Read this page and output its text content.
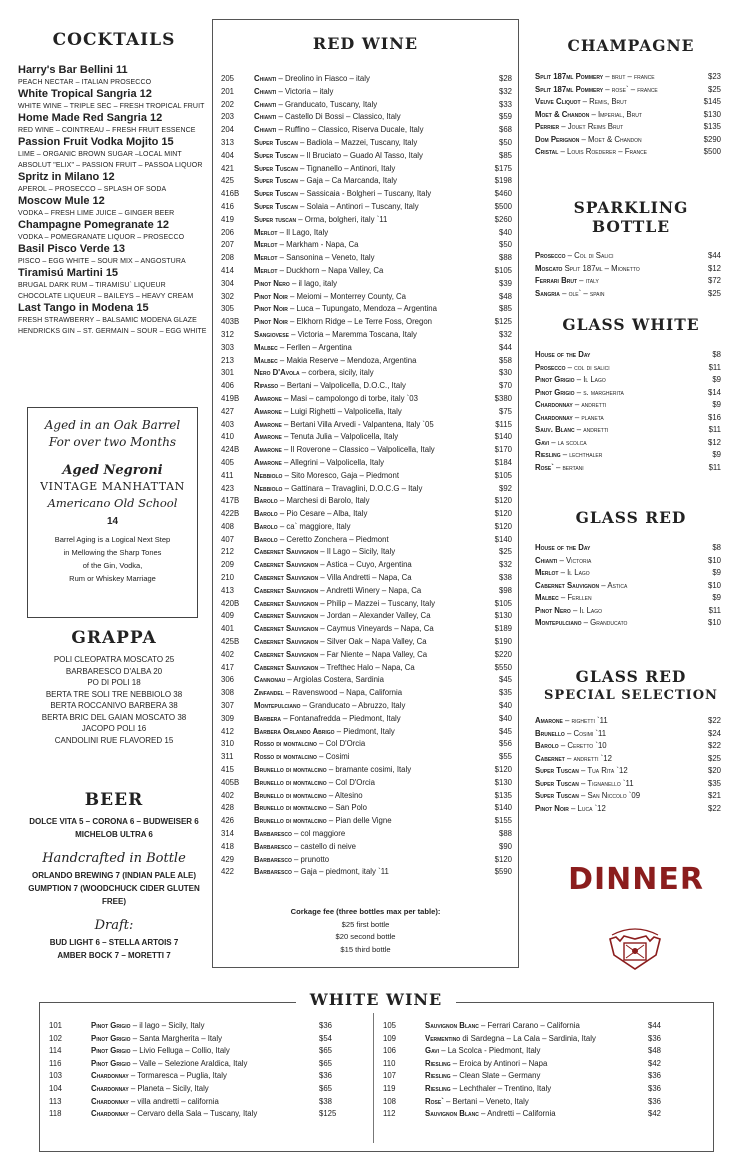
COCKTAILS
Harry's Bar Bellini 11
PEACH NECTAR – ITALIAN PROSECCO
White Tropical Sangria 12
WHITE WINE – TRIPLE SEC – FRESH TROPICAL FRUIT
Home Made Red Sangria 12
RED WINE – COINTREAU – FRESH FRUIT ESSENCE
Passion Fruit Vodka Mojito 15
LIME – ORGANIC BROWN SUGAR –LOCAL MINT
ABSOLUT "ELIX" – PASSION FRUIT – PASSOA LIQUOR
Spritz in Milano 12
APEROL – PROSECCO – SPLASH OF SODA
Moscow Mule 12
VODKA – FRESH LIME JUICE – GINGER BEER
Champagne Pomegranate 12
VODKA – POMEGRANATE LIQUOR – PROSECCO
Basil Pisco Verde 13
PISCO – EGG WHITE – SOUR MIX – ANGOSTURA
Tiramisú Martini 15
BRUGAL DARK RUM – TIRAMISU` LIQUEUR
CHOCOLATE LIQUEUR – BAILEYS – HEAVY CREAM
Last Tango in Modena 15
FRESH STRAWBERRY – BALSAMIC MODENA GLAZE
HENDRICKS GIN – ST. GERMAIN – SOUR – EGG WHITE
Aged in an Oak Barrel
For over two Months
Aged Negroni
VINTAGE MANHATTAN
Americano Old School
14
Barrel Aging is a Logical Next Step
in Mellowing the Sharp Tones
of the Gin, Vodka,
Rum or Whiskey Marriage
GRAPPA
POLI CLEOPATRA MOSCATO 25
BARBARESCO D'ALBA 20
PO DI POLI 18
BERTA TRE SOLI TRE NEBBIOLO 38
BERTA ROCCANIVO BARBERA 38
BERTA BRIC DEL GAIAN MOSCATO 38
JACOPO POLI 16
CANDOLINI RUE FLAVORED 15
BEER
DOLCE VITA 5 – CORONA 6 – BUDWEISER 6
MICHELOB ULTRA 6
Handcrafted in Bottle
ORLANDO BREWING 7 (INDIAN PALE ALE)
GUMPTION 7 (WOODCHUCK CIDER GLUTEN FREE)
Draft:
BUD LIGHT 6 – STELLA ARTOIS 7
AMBER BOCK 7 – MORETTI 7
RED WINE
205	Chianti – Dreolino in Fiasco – italy	$28
201	Chianti – Victoria – italy	$32
202	Chianti – Granducato, Tuscany, Italy	$33
203	Chianti – Castello Di Bossi – Classico, Italy	$59
204	Chianti – Ruffino – Classico, Riserva Ducale, Italy	$68
313	Super Tuscan – Badiola – Mazzei, Tuscany, Italy	$50
404	Super Tuscan – Il Bruciato – Guado Al Tasso, Italy	$85
421	Super Tuscan – Tignanello – Antinori, Italy	$175
425	Super Tuscan – Gaja – Ca Marcanda, Italy	$198
416B Super Tuscan – Sassicaia - Bolgheri – Tuscany, Italy	$460
416	Super Tuscan – Solaia – Antinori – Tuscany, Italy	$500
419	Super tuscan – Orma, bolgheri, italy `11	$260
206	Merlot – Il Lago, Italy	$40
207	Merlot – Markham - Napa, Ca	$50
208	Merlot – Sansonina – Veneto, Italy	$88
414	Merlot – Duckhorn – Napa Valley, Ca	$105
304	Pinot Nero – il lago, italy	$39
302	Pinot Noir – Meiomi – Monterrey County, Ca	$48
305	Pinot Noir – Luca – Tupungato, Mendoza – Argentina	$85
403B Pinot Noir – Elkhorn Ridge – Le Terre Foss, Oregon	$125
312	Sangiovese – Victoria – Maremma Toscana, Italy	$32
303	Malbec – Ferllen – Argentina	$44
213	Malbec – Makia Reserve – Mendoza, Argentina	$58
301	Nero D'Avola – corbera, sicily, italy	$30
406	Ripasso – Bertani – Valpolicella, D.O.C., Italy	$70
419B Amarone – Masi – campolongo di torbe, italy `03	$380
427	Amarone – Luigi Righetti – Valpolicella, Italy	$75
403	Amarone – Bertani Villa Arvedi - Valpantena, Italy `05	$115
410	Amarone – Tenuta Julia – Valpolicella, Italy	$140
424B Amarone – Il Roverone – Classico – Valpolicella, Italy	$170
405	Amarone – Allegrini – Valpolicella, Italy	$184
411	Nebbiolo – Sito Moresco, Gaja – Piedmont	$105
423	Nebbiolo – Gattinara – Travaglini, D.O.C.G – Italy	$92
417B Barolo – Marchesi di Barolo, Italy	$120
422B Barolo – Pio Cesare – Alba, Italy	$120
408	Barolo – ca` maggiore, Italy	$120
407	Barolo – Ceretto Zonchera – Piedmont	$140
212	Cabernet Sauvignon – Il Lago – Sicily, Italy	$25
209	Cabernet Sauvignon – Astica – Cuyo, Argentina	$32
210	Cabernet Sauvignon – Villa Andretti – Napa, Ca	$38
413	Cabernet Sauvignon – Andretti Winery – Napa, Ca	$98
420B Cabernet Sauvignon – Philip – Mazzei – Tuscany, Italy	$105
409	Cabernet Sauvignon – Jordan – Alexander Valley, Ca	$130
401	Cabernet Sauvignon – Caymus Vineyards – Napa, Ca	$189
425B Cabernet Sauvignon – Silver Oak – Napa Valley, Ca	$190
402	Cabernet Sauvignon – Far Niente – Napa Valley, Ca	$220
417	Cabernet Sauvignon – Trefthec Halo – Napa, Ca	$550
306	Cannonau – Argiolas Costera, Sardinia	$45
308	Zinfandel – Ravenswood – Napa, California	$35
307	Montepulciano – Granducato – Abruzzo, Italy	$40
309	Barbera – Fontanafredda – Piedmont, Italy	$40
412	Barbera Orlando Abrigo – Piedmont, Italy	$45
310	Rosso di montalcino – Col D'Orcia	$56
311	Rosso di montalcino – Cosimi	$55
415	Brunello di montalcino – bramante cosimi, Italy	$120
405B Brunello di montalcino – Col D'Orcia	$130
402	Brunello di montalcino – Altesino	$135
428	Brunello di montalcino – San Polo	$140
426	Brunello di montalcino – Pian delle Vigne	$155
314	Barbaresco – col maggiore	$88
418	Barbaresco – castello di neive	$90
429	Barbaresco – prunotto	$120
422	Barbaresco – Gaja – piedmont, italy `11	$590
Corkage fee (three bottles max per table):
$25 first bottle
$20 second bottle
$15 third bottle
CHAMPAGNE
Split 187ml Pommery – brut – france	$23
Split 187ml Pommery – rose` – france	$25
Veuve Cliquot – Remis, Brut	$145
Moet & Chandon – Imperial, Brut	$130
Perrier – Jouet Reims Brut	$135
Dom Perignon – Moet & Chandon	$290
Cristal – Louis Roederer – France	$500
SPARKLING BOTTLE
Prosecco – Col di Salici	$44
Moscato Split 187ml – Mionetto	$12
Ferrari Brut – italy	$72
Sangria – ole` – spain	$25
GLASS WHITE
House of the Day	$8
Prosecco – col di salici	$11
Pinot Grigio – Il Lago	$9
Pinot Grigio – s. margherita	$14
Chardonnay – andretti	$9
Chardonnay – planeta	$16
Sauv. Blanc – andretti	$11
Gavi – la scolca	$12
Riesling – lechthaler	$9
Rose` – bertani	$11
GLASS RED
House of the Day	$8
Chianti – Victoria	$10
Merlot – Il Lago	$9
Cabernet Sauvignon – Astica	$10
Malbec – Ferllen	$9
Pinot Nero – Il Lago	$11
Montepulciano – Granducato	$10
GLASS RED
SPECIAL SELECTION
Amarone – righetti `11	$22
Brunello – Cosimi `11	$24
Barolo – Ceretto `10	$22
Cabernet – andretti `12	$25
Super Tuscan – Tua Rita `12	$20
Super Tuscan – Tignanello `11	$35
Super Tuscan – San Niccolo `09	$21
Pinot Noir – Luca `12	$22
DINNER
WHITE WINE
101	Pinot Grigio – il lago – Sicily, Italy	$36
102	Pinot Grigio – Santa Margherita – Italy	$54
114	Pinot Grigio – Livio Felluga – Collio, Italy	$65
116	Pinot Grigio – Valle – Selezione Araldica, Italy	$65
103	Chardonnay – Tormaresca – Puglia, Italy	$36
104	Chardonnay – Planeta – Sicily, Italy	$65
113	Chardonnay – villa andretti – california	$38
118	Chardonnay – Cervaro della Sala – Tuscany, Italy	$125
105	Sauvignon Blanc – Ferrari Carano – California	$44
109	Vermentino di Sardegna – La Cala – Sardinia, Italy	$36
106	Gavi – La Scolca - Piedmont, Italy	$48
110	Riesling – Eroica by Antinori – Napa	$42
107	Riesling – Clean Slate – Germany	$36
119	Riesling – Lechthaler – Trentino, Italy	$36
108	Rose` – Bertani – Veneto, Italy	$36
112	Sauvignon Blanc – Andretti – California	$42
